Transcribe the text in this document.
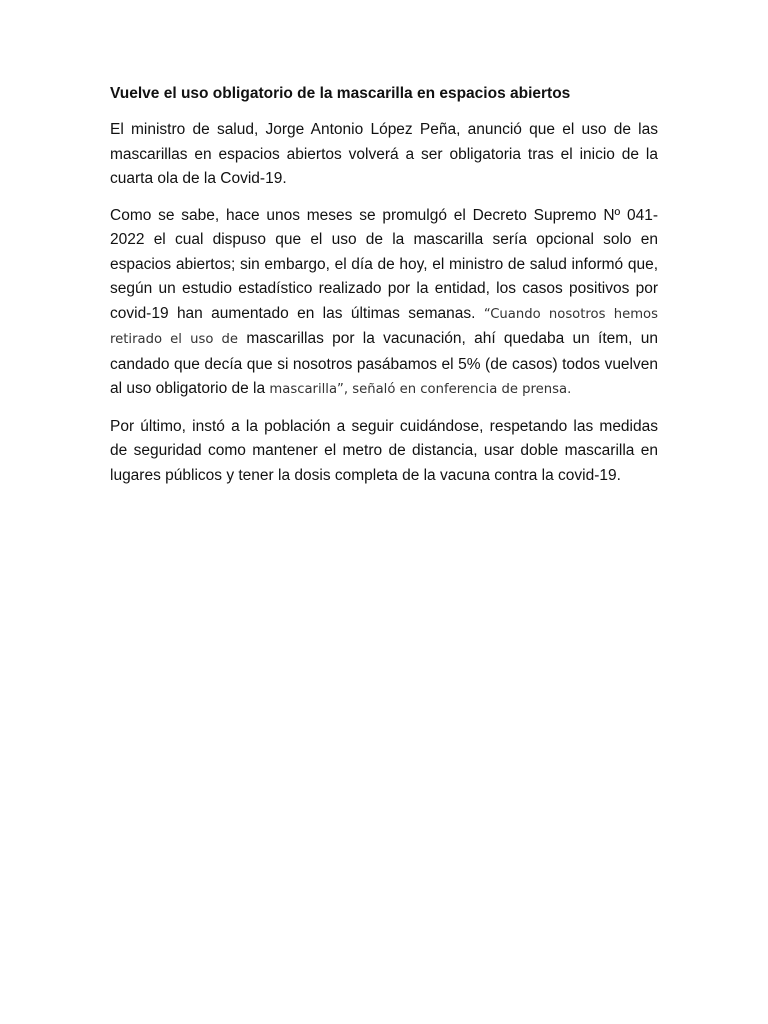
Vuelve el uso obligatorio de la mascarilla en espacios abiertos

El ministro de salud, Jorge Antonio López Peña, anunció que el uso de las mascarillas en espacios abiertos volverá a ser obligatoria tras el inicio de la cuarta ola de la Covid-19.

Como se sabe, hace unos meses se promulgó el Decreto Supremo Nº 041-2022 el cual dispuso que el uso de la mascarilla sería opcional solo en espacios abiertos; sin embargo, el día de hoy, el ministro de salud informó que, según un estudio estadístico realizado por la entidad, los casos positivos por covid-19 han aumentado en las últimas semanas. “Cuando nosotros hemos retirado el uso de mascarillas por la vacunación, ahí quedaba un ítem, un candado que decía que si nosotros pasábamos el 5% (de casos) todos vuelven al uso obligatorio de la mascarilla”, señaló en conferencia de prensa.

Por último, instó a la población a seguir cuidándose, respetando las medidas de seguridad como mantener el metro de distancia, usar doble mascarilla en lugares públicos y tener la dosis completa de la vacuna contra la covid-19.
